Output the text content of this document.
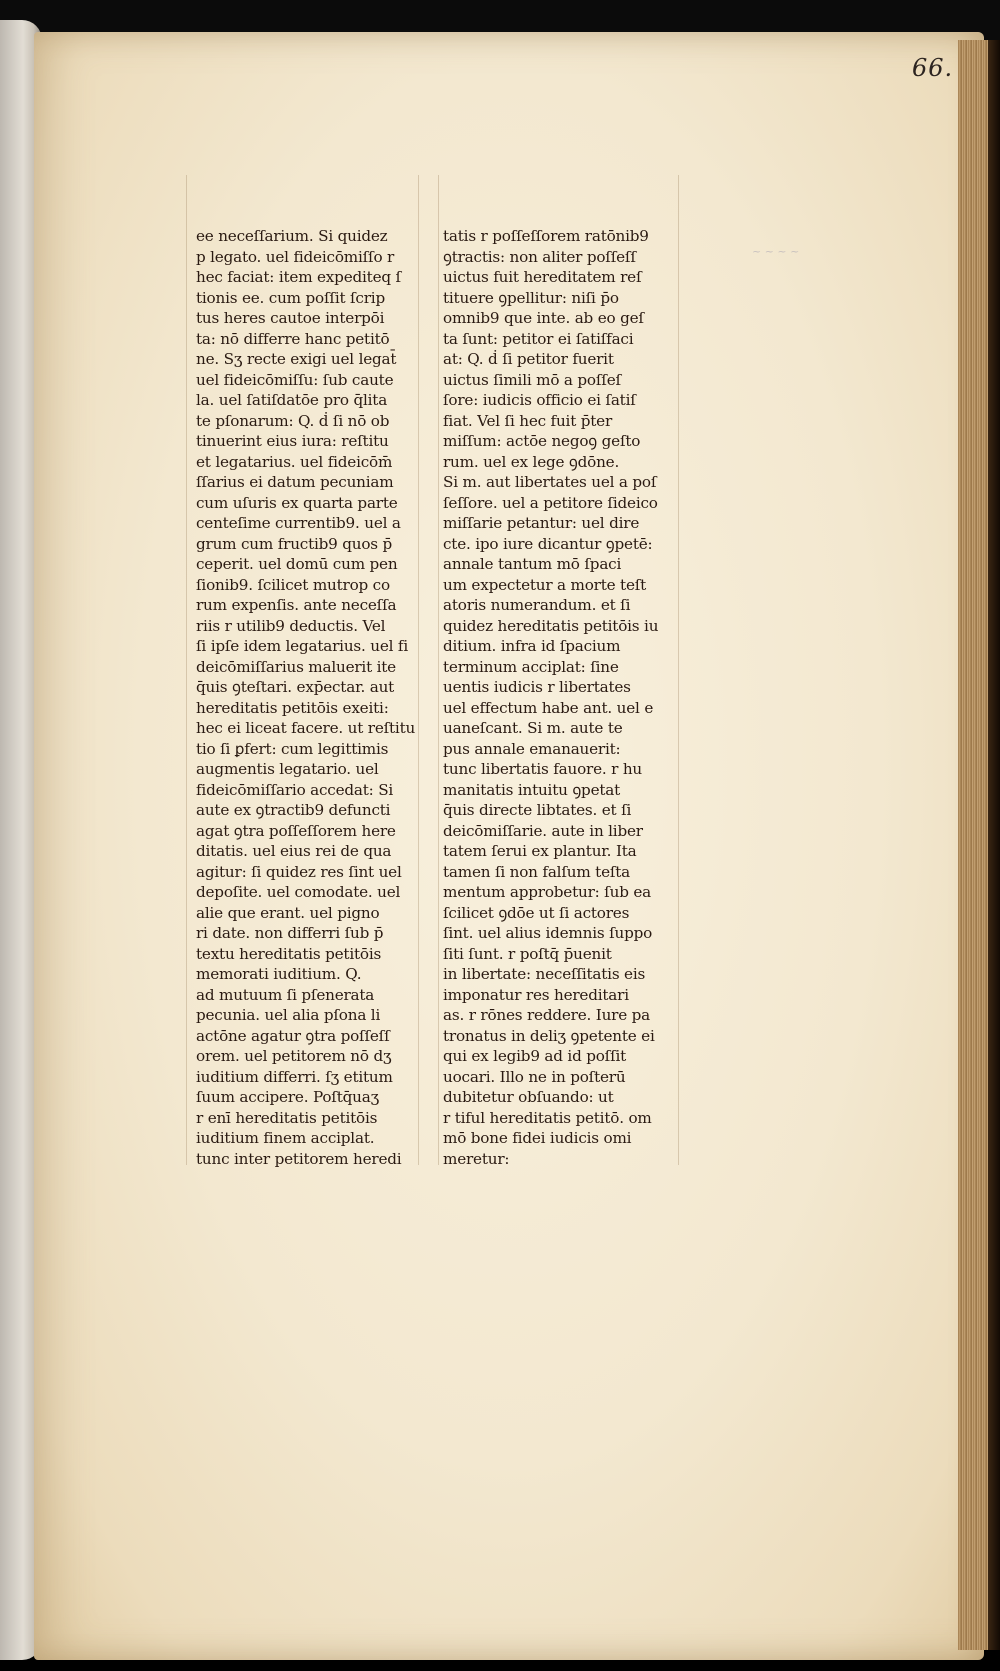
66.
~ ~ ~ ~
ee neceſſarium. Si quidez
p legato. uel fideicōmiſſo r
hec faciat: item expediteq ſ
tionis ee. cum poſſit ſcrip
tus heres cautoe interpōi
ta: nō differre hanc petitō
ne. Sʒ recte exigi uel legat̄
uel fideicōmiſſu: ſub caute
la. uel ſatiſdatōe pro q̄lita
te pſonarum: Q. ḋ ſi nō ob
tinuerint eius iura: reſtitu
et legatarius. uel fideicōm̄
ſſarius ei datum pecuniam
cum uſuris ex quarta parte
centeſime currentib9. uel a
grum cum fructib9 quos p̄
ceperit. uel domū cum pen
ſionib9. ſcilicet mutrop co
rum expenſis. ante neceſſa
riis r utilib9 deductis. Vel
ſi ipſe idem legatarius. uel fi
deicōmiſſarius maluerit ite
q̄uis ꝯteſtari. exp̄ectar. aut
hereditatis petitōis exeiti:
hec ei liceat facere. ut reſtitu
tio ſi ꝑfert: cum legittimis
augmentis legatario. uel
fideicōmiſſario accedat: Si
aute ex ꝯtractib9 defuncti
agat ꝯtra poſſeſſorem here
ditatis. uel eius rei de qua
agitur: ſi quidez res ſint uel
depoſite. uel comodate. uel
alie que erant. uel pigno
ri date. non differri ſub p̄
textu hereditatis petitōis
memorati iuditium. Q.
ad mutuum ſi pſenerata
pecunia. uel alia pſona li
actōne agatur ꝯtra poſſeſſ
orem. uel petitorem nō dʒ
iuditium differri. ſʒ etitum
ſuum accipere. Poſtq̄uaʒ
r enī hereditatis petitōis
iuditium finem acciplat.
tunc inter petitorem heredi
tatis r poſſeſſorem ratōnib9
ꝯtractis: non aliter poſſeſſ
uictus fuit hereditatem reſ
tituere ꝯpellitur: niſi p̄o
omnib9 que inte. ab eo geſ
ta ſunt: petitor ei ſatiſfaci
at: Q. ḋ ſi petitor fuerit
uictus ſimili mō a poſſeſ
ſore: iudicis officio ei ſatiſ
fiat. Vel ſi hec fuit p̄ter
miſſum: actōe negoꝯ geſto
rum. uel ex lege ꝯdōne.
Si m. aut libertates uel a poſ
ſeſſore. uel a petitore ſideico
miſſarie petantur: uel dire
cte. ipo iure dicantur ꝯpetē:
annale tantum mō ſpaci
um expectetur a morte teſt
atoris numerandum. et ſi
quidez hereditatis petitōis iu
ditium. infra id ſpacium
terminum acciplat: ſine
uentis iudicis r libertates
uel effectum habe ant. uel e
uaneſcant. Si m. aute te
pus annale emanauerit:
tunc libertatis fauore. r hu
manitatis intuitu ꝯpetat
q̄uis directe libtates. et ſi
deicōmiſſarie. aute in liber
tatem ſerui ex plantur. Ita
tamen ſi non falſum teſta
mentum approbetur: ſub ea
ſcilicet ꝯdōe ut ſi actores
ſint. uel alius idemnis ſuppo
ſiti ſunt. r poſtq̄ p̄uenit
in libertate: neceſſitatis eis
imponatur res hereditari
as. r rōnes reddere. Iure pa
tronatus in deliʒ ꝯpetente ei
qui ex legib9 ad id poſſit
uocari. Illo ne in poſterū
dubitetur obſuando: ut
r tiful hereditatis petitō. om
mō bone fidei iudicis omi
meretur:
